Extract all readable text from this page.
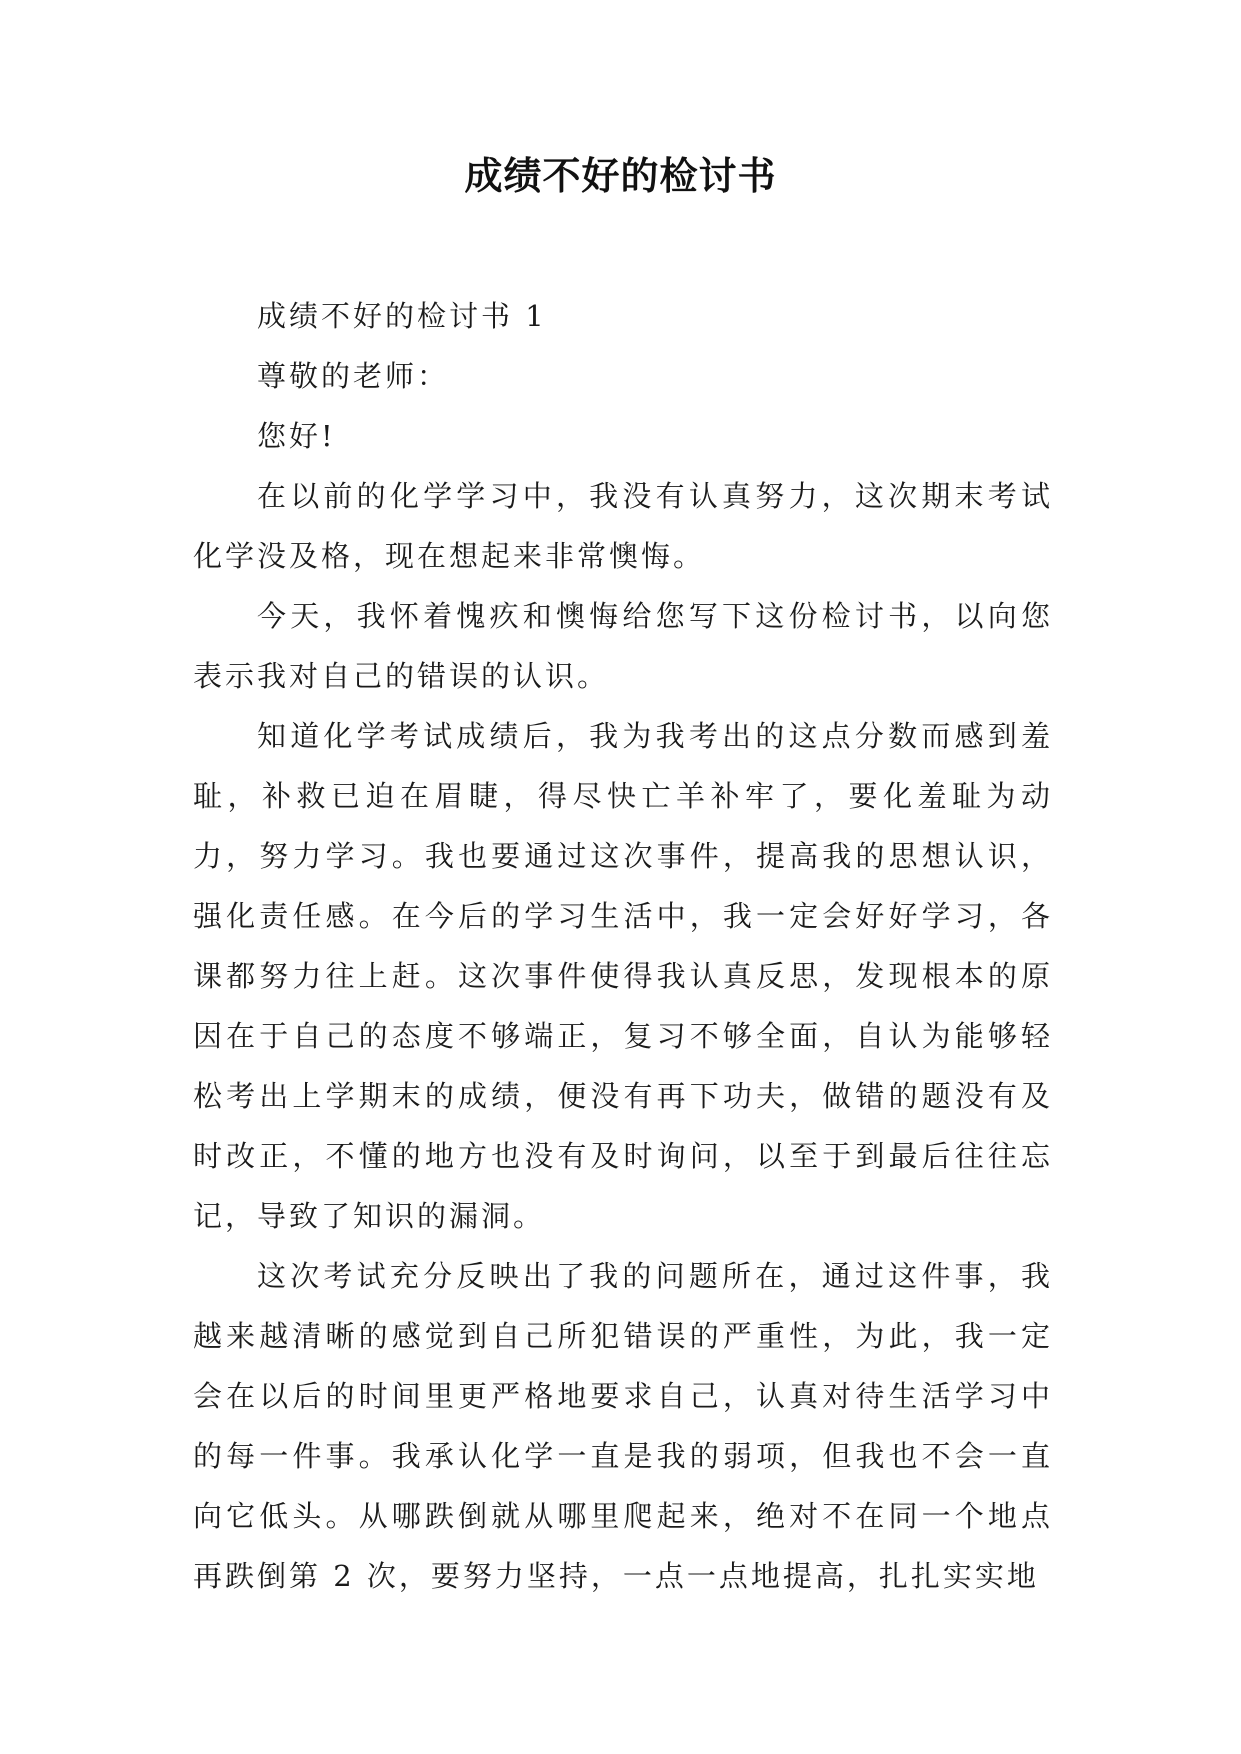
成绩不好的检讨书

成绩不好的检讨书 1

尊敬的老师：

您好!

在以前的化学学习中，我没有认真努力，这次期末考试化学没及格，现在想起来非常懊悔。

今天，我怀着愧疚和懊悔给您写下这份检讨书，以向您表示我对自己的错误的认识。

知道化学考试成绩后，我为我考出的这点分数而感到羞耻，补救已迫在眉睫，得尽快亡羊补牢了，要化羞耻为动力，努力学习。我也要通过这次事件，提高我的思想认识，强化责任感。在今后的学习生活中，我一定会好好学习，各课都努力往上赶。这次事件使得我认真反思，发现根本的原因在于自己的态度不够端正，复习不够全面，自认为能够轻松考出上学期末的成绩，便没有再下功夫，做错的题没有及时改正，不懂的地方也没有及时询问，以至于到最后往往忘记，导致了知识的漏洞。

这次考试充分反映出了我的问题所在，通过这件事，我越来越清晰的感觉到自己所犯错误的严重性，为此，我一定会在以后的时间里更严格地要求自己，认真对待生活学习中的每一件事。我承认化学一直是我的弱项，但我也不会一直向它低头。从哪跌倒就从哪里爬起来，绝对不在同一个地点再跌倒第 2 次，要努力坚持，一点一点地提高，扎扎实实地
